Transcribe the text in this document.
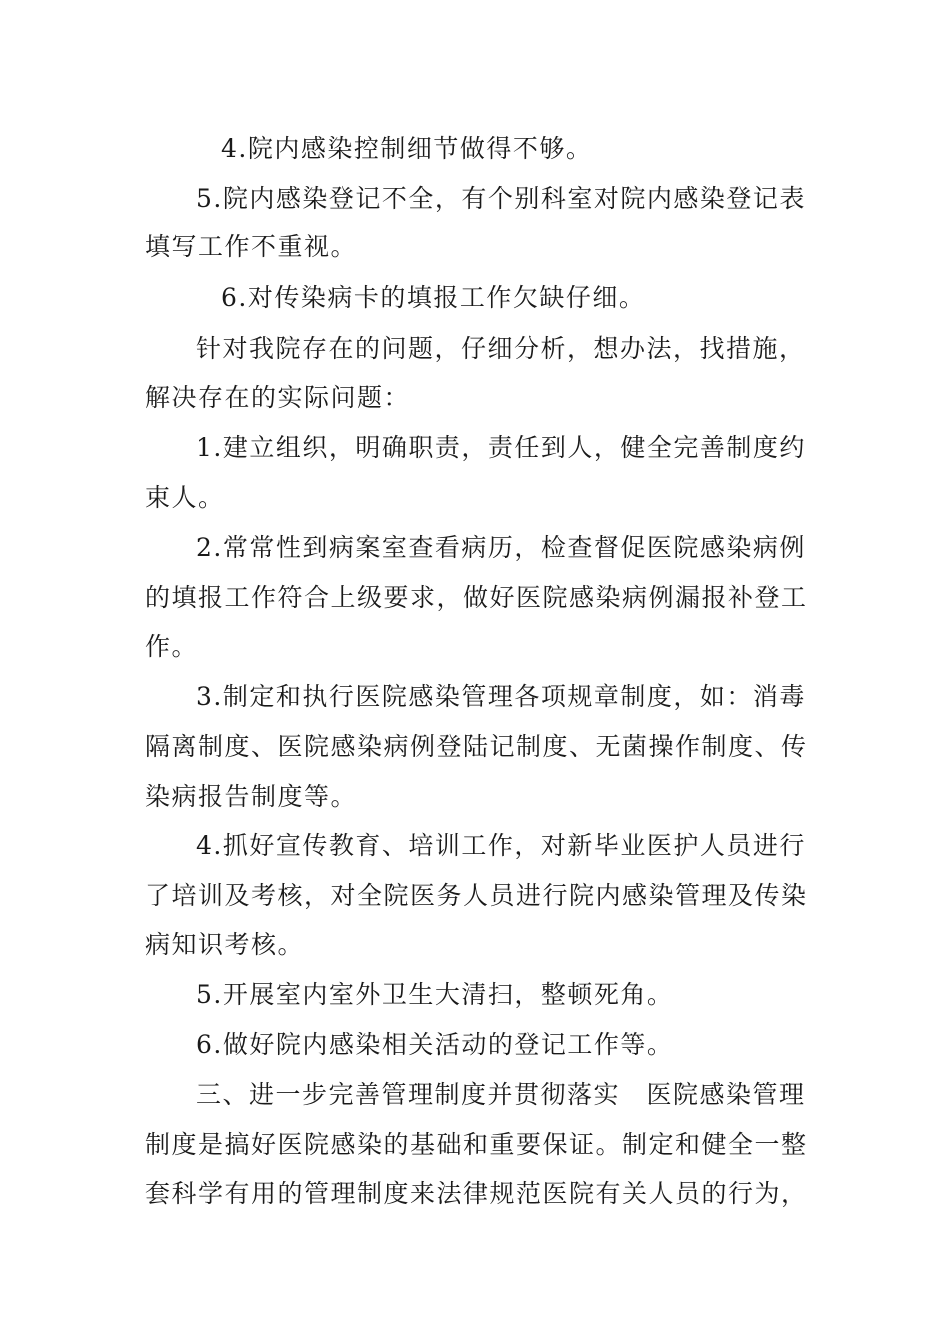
4.院内感染控制细节做得不够。
5.院内感染登记不全，有个别科室对院内感染登记表
填写工作不重视。
6.对传染病卡的填报工作欠缺仔细。
针对我院存在的问题，仔细分析，想办法，找措施，
解决存在的实际问题：
1.建立组织，明确职责，责任到人，健全完善制度约
束人。
2.常常性到病案室查看病历，检查督促医院感染病例
的填报工作符合上级要求，做好医院感染病例漏报补登工
作。
3.制定和执行医院感染管理各项规章制度，如：消毒
隔离制度、医院感染病例登陆记制度、无菌操作制度、传
染病报告制度等。
4.抓好宣传教育、培训工作，对新毕业医护人员进行
了培训及考核，对全院医务人员进行院内感染管理及传染
病知识考核。
5.开展室内室外卫生大清扫，整顿死角。
6.做好院内感染相关活动的登记工作等。
三、进一步完善管理制度并贯彻落实　医院感染管理
制度是搞好医院感染的基础和重要保证。制定和健全一整
套科学有用的管理制度来法律规范医院有关人员的行为，
